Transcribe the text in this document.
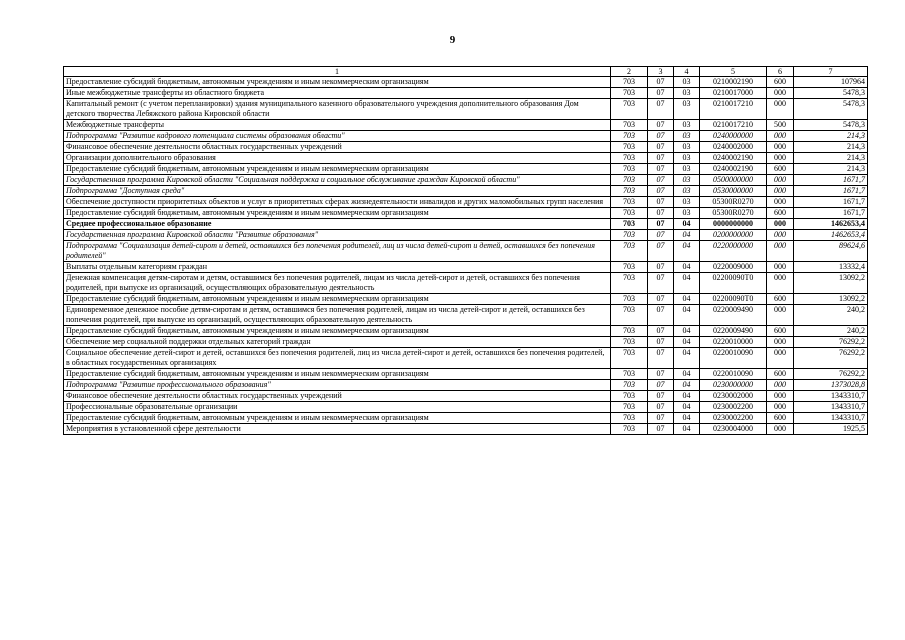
9
1	2	3	4	5	6	7
Предоставление субсидий бюджетным, автономным учреждениям и иным некоммерческим организациям	703	07	03	0210002190	600	107964
Иные межбюджетные трансферты из областного бюджета	703	07	03	0210017000	000	5478,3
Капитальный ремонт (с учетом перепланировки) здания муниципального казенного образовательного учреждения дополнительного образования Дом детского творчества Лебяжского района Кировской области	703	07	03	0210017210	000	5478,3
Межбюджетные трансферты	703	07	03	0210017210	500	5478,3
Подпрограмма "Развитие кадрового потенциала системы образования области"	703	07	03	0240000000	000	214,3
Финансовое обеспечение деятельности областных государственных учреждений	703	07	03	0240002000	000	214,3
Организации дополнительного образования	703	07	03	0240002190	000	214,3
Предоставление субсидий бюджетным, автономным учреждениям и иным некоммерческим организациям	703	07	03	0240002190	600	214,3
Государственная программа Кировской области "Социальная поддержка и социальное обслуживание граждан Кировской области"	703	07	03	0500000000	000	1671,7
Подпрограмма "Доступная среда"	703	07	03	0530000000	000	1671,7
Обеспечение доступности приоритетных объектов и услуг в приоритетных сферах жизнедеятельности инвалидов и других маломобильных групп населения	703	07	03	05300R0270	000	1671,7
Предоставление субсидий бюджетным, автономным учреждениям и иным некоммерческим организациям	703	07	03	05300R0270	600	1671,7
Среднее профессиональное образование	703	07	04	0000000000	000	1462653,4
Государственная программа Кировской области "Развитие образования"	703	07	04	0200000000	000	1462653,4
Подпрограмма "Социализация детей-сирот и детей, оставшихся без попечения родителей, лиц из числа детей-сирот и детей, оставшихся без попечения родителей"	703	07	04	0220000000	000	89624,6
Выплаты отдельным категориям граждан	703	07	04	0220009000	000	13332,4
Денежная компенсация детям-сиротам и детям, оставшимся без попечения родителей, лицам из числа детей-сирот и детей, оставшихся без попечения родителей, при выпуске из организаций, осуществляющих образовательную деятельность	703	07	04	02200090Т0	000	13092,2
Предоставление субсидий бюджетным, автономным учреждениям и иным некоммерческим организациям	703	07	04	02200090Т0	600	13092,2
Единовременное денежное пособие детям-сиротам и детям, оставшимся без попечения родителей, лицам из числа детей-сирот и детей, оставшихся без попечения родителей, при выпуске из организаций, осуществляющих образовательную деятельность	703	07	04	0220009490	000	240,2
Предоставление субсидий бюджетным, автономным учреждениям и иным некоммерческим организациям	703	07	04	0220009490	600	240,2
Обеспечение мер социальной поддержки отдельных категорий граждан	703	07	04	0220010000	000	76292,2
Социальное обеспечение детей-сирот и детей, оставшихся без попечения родителей, лиц из числа детей-сирот и детей, оставшихся без попечения родителей, в областных государственных организациях	703	07	04	0220010090	000	76292,2
Предоставление субсидий бюджетным, автономным учреждениям и иным некоммерческим организациям	703	07	04	0220010090	600	76292,2
Подпрограмма "Развитие профессионального образования"	703	07	04	0230000000	000	1373028,8
Финансовое обеспечение деятельности областных государственных учреждений	703	07	04	0230002000	000	1343310,7
Профессиональные образовательные организации	703	07	04	0230002200	000	1343310,7
Предоставление субсидий бюджетным, автономным учреждениям и иным некоммерческим организациям	703	07	04	0230002200	600	1343310,7
Мероприятия в установленной сфере деятельности	703	07	04	0230004000	000	1925,5
